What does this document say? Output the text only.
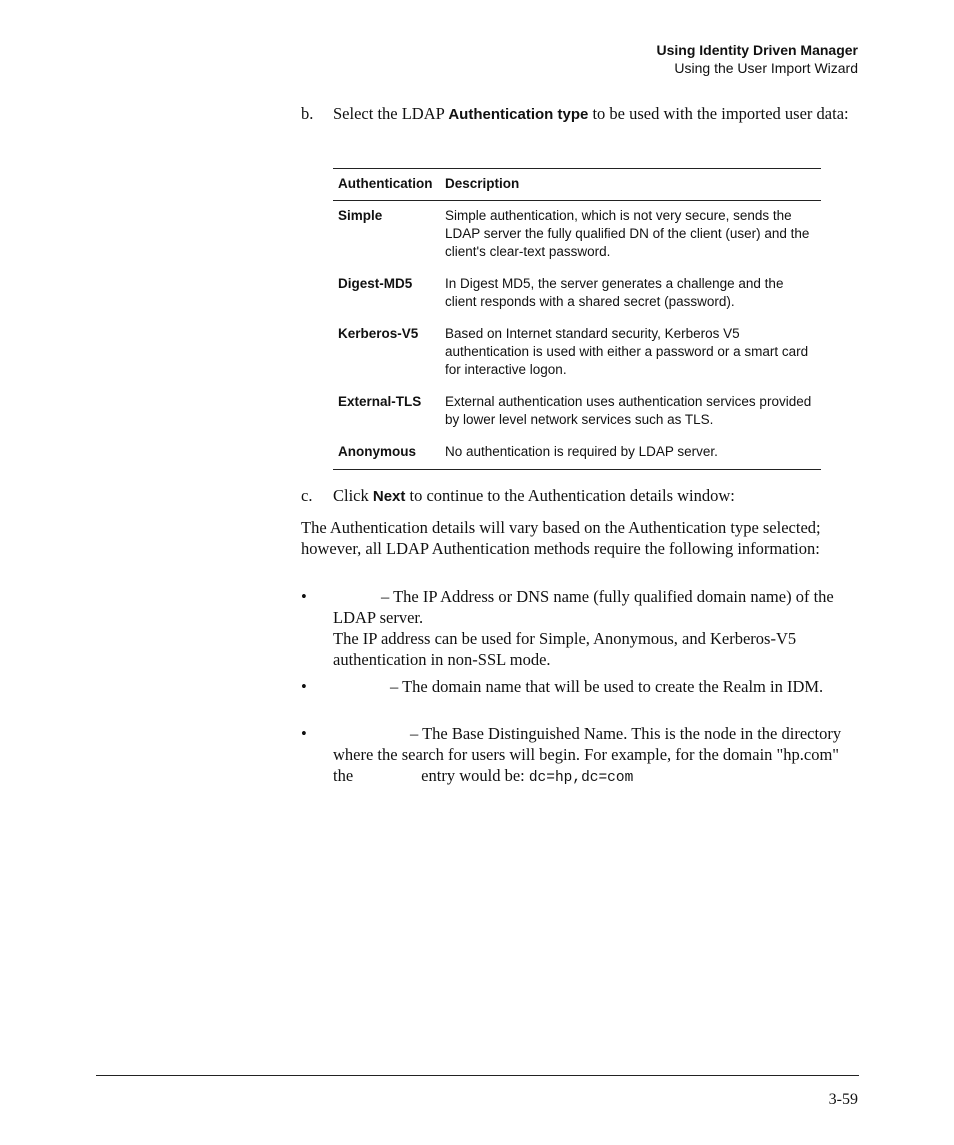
Using Identity Driven Manager
Using the User Import Wizard
b. Select the LDAP Authentication type to be used with the imported user data:
Authentication	Description
Simple	Simple authentication, which is not very secure, sends the LDAP server the fully qualified DN of the client (user) and the client's clear-text password.
Digest-MD5	In Digest MD5, the server generates a challenge and the client responds with a shared secret (password).
Kerberos-V5	Based on Internet standard security, Kerberos V5 authentication is used with either a password or a smart card for interactive logon.
External-TLS	External authentication uses authentication services provided by lower level network services such as TLS.
Anonymous	No authentication is required by LDAP server.
c. Click Next to continue to the Authentication details window:
The Authentication details will vary based on the Authentication type selected; however, all LDAP Authentication methods require the following information:
•	– The IP Address or DNS name (fully qualified domain name) of the LDAP server.
The IP address can be used for Simple, Anonymous, and Kerberos-V5 authentication in non-SSL mode.
•	– The domain name that will be used to create the Realm in IDM.
•	– The Base Distinguished Name. This is the node in the directory where the search for users will begin. For example, for the domain "hp.com" the	entry would be: dc=hp,dc=com
3-59
